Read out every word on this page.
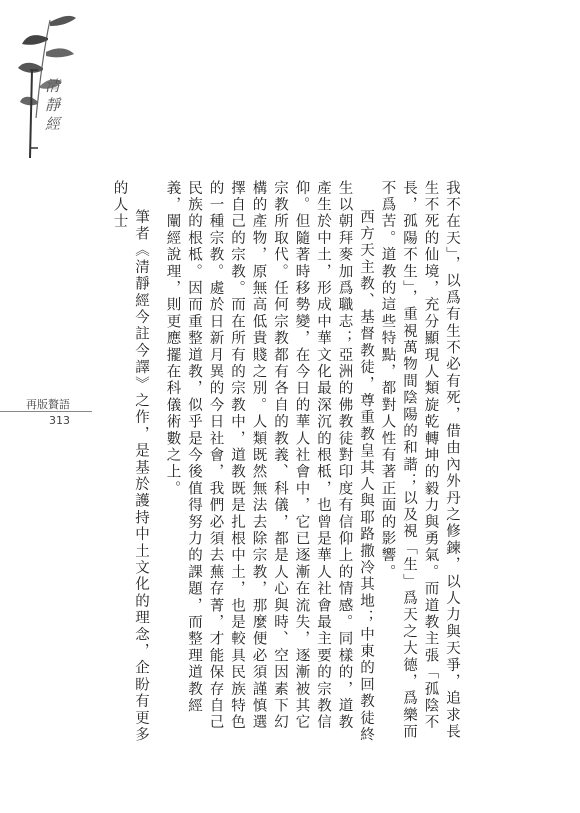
清靜經

我不在天」，以爲有生不必有死，借由內外丹之修鍊，以人力與天爭，追求長生不死的仙境，充分顯現人類旋乾轉坤的毅力與勇氣。而道教主張「孤陰不長，孤陽不生」，重視萬物間陰陽的和諧；以及視「生」爲天之大德，爲樂而不爲苦。道教的這些特點，都對人性有著正面的影響。

西方天主教、基督教徒，尊重教皇其人與耶路撒冷其地；中東的回教徒終生以朝拜麥加爲職志；亞洲的佛教徒對印度有信仰上的情感。同樣的，道教產生於中土，形成中華文化最深沉的根柢，也曾是華人社會最主要的宗教信仰。但隨著時移勢變，在今日的華人社會中，它已逐漸在流失，逐漸被其它宗教所取代。任何宗教都有各自的教義、科儀，都是人心與時、空因素下幻構的產物，原無高低貴賤之別。人類既然無法去除宗教，那麼便必須謹慎選擇自己的宗教。而在所有的宗教中，道教既是扎根中土，也是較具民族特色的一種宗教。處於日新月異的今日社會，我們必須去蕪存菁，才能保存自己民族的根柢。因而重整道教，似乎是今後值得努力的課題，而整理道教經義，闡經說理，則更應擺在科儀術數之上。

筆者《清靜經今註今譯》之作，是基於護持中土文化的理念，企盼有更多的人士

再版贅語
313
